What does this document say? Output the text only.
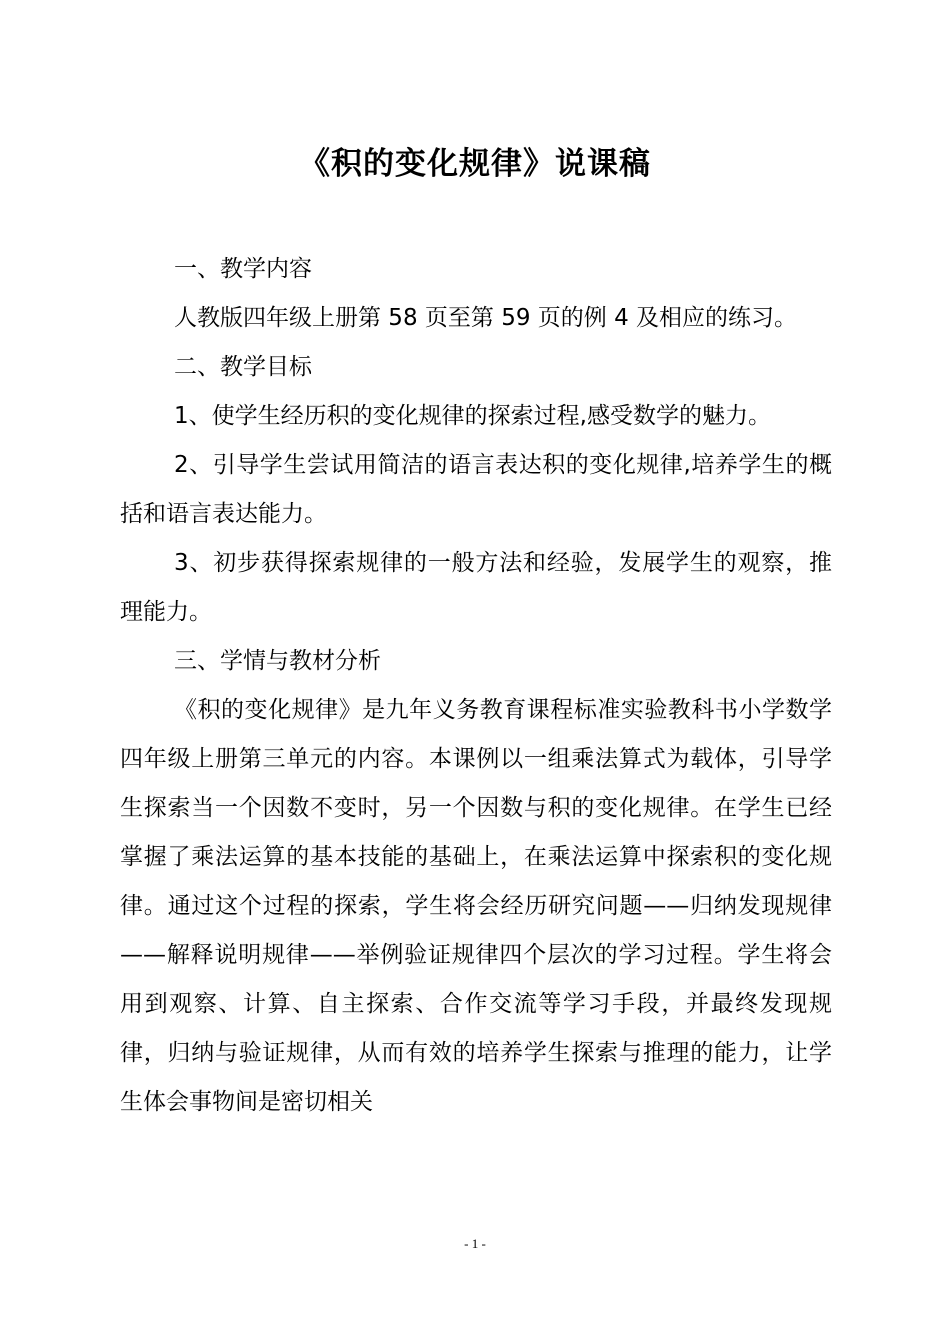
《积的变化规律》说课稿

一、教学内容

人教版四年级上册第 58 页至第 59 页的例 4 及相应的练习。

二、教学目标

1、使学生经历积的变化规律的探索过程,感受数学的魅力。

2、引导学生尝试用简洁的语言表达积的变化规律,培养学生的概括和语言表达能力。

3、初步获得探索规律的一般方法和经验，发展学生的观察，推理能力。

三、学情与教材分析

《积的变化规律》是九年义务教育课程标准实验教科书小学数学四年级上册第三单元的内容。本课例以一组乘法算式为载体，引导学生探索当一个因数不变时，另一个因数与积的变化规律。在学生已经掌握了乘法运算的基本技能的基础上，在乘法运算中探索积的变化规律。通过这个过程的探索，学生将会经历研究问题——归纳发现规律——解释说明规律——举例验证规律四个层次的学习过程。学生将会用到观察、计算、自主探索、合作交流等学习手段，并最终发现规律，归纳与验证规律，从而有效的培养学生探索与推理的能力，让学生体会事物间是密切相关

- 1 -
